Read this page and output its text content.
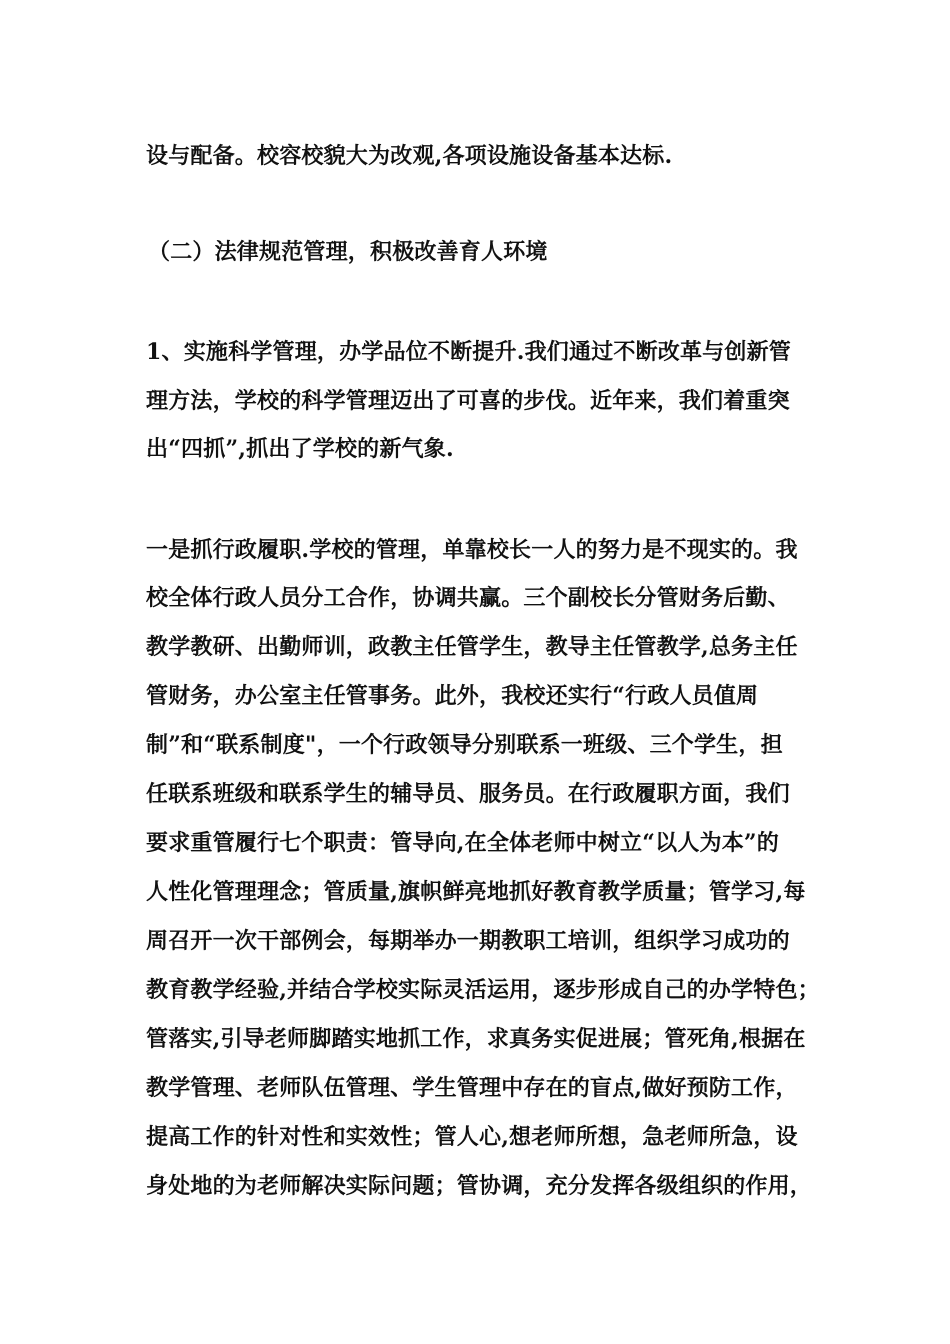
设与配备。校容校貌大为改观,各项设施设备基本达标.
（二）法律规范管理，积极改善育人环境
1、实施科学管理，办学品位不断提升.我们通过不断改革与创新管
理方法，学校的科学管理迈出了可喜的步伐。近年来，我们着重突
出“四抓”,抓出了学校的新气象.
一是抓行政履职.学校的管理，单靠校长一人的努力是不现实的。我
校全体行政人员分工合作，协调共赢。三个副校长分管财务后勤、
教学教研、出勤师训，政教主任管学生，教导主任管教学,总务主任
管财务，办公室主任管事务。此外，我校还实行“行政人员值周
制”和“联系制度"，一个行政领导分别联系一班级、三个学生，担
任联系班级和联系学生的辅导员、服务员。在行政履职方面，我们
要求重管履行七个职责：管导向,在全体老师中树立“以人为本”的
人性化管理理念；管质量,旗帜鲜亮地抓好教育教学质量；管学习,每
周召开一次干部例会，每期举办一期教职工培训，组织学习成功的
教育教学经验,并结合学校实际灵活运用，逐步形成自己的办学特色；
管落实,引导老师脚踏实地抓工作，求真务实促进展；管死角,根据在
教学管理、老师队伍管理、学生管理中存在的盲点,做好预防工作，
提高工作的针对性和实效性；管人心,想老师所想，急老师所急，设
身处地的为老师解决实际问题；管协调，充分发挥各级组织的作用，
